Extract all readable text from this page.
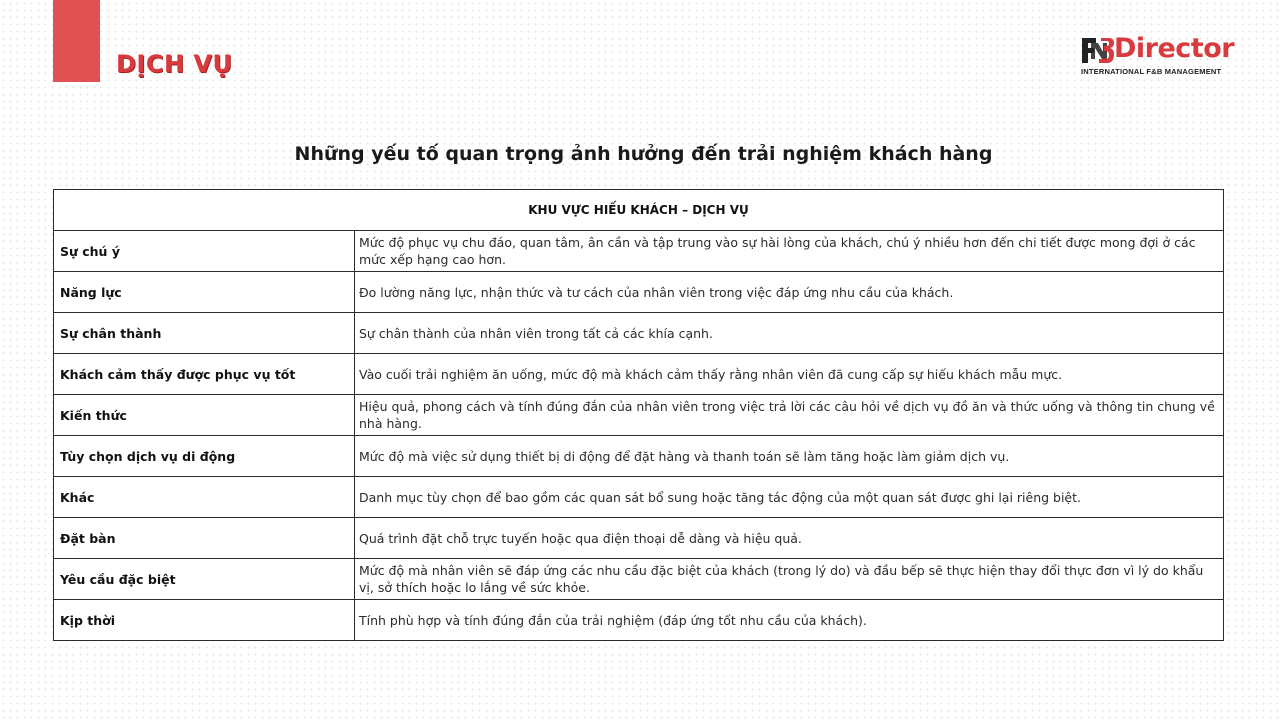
DỊCH VỤ	Director
INTERNATIONAL F&B MANAGEMENT
Những yếu tố quan trọng ảnh hưởng đến trải nghiệm khách hàng
KHU VỰC HIẾU KHÁCH – DỊCH VỤ	
Sự chú ý	Mức độ phục vụ chu đáo, quan tâm, ân cần và tập trung vào sự hài lòng của khách, chú ý nhiều hơn đến chi tiết được mong đợi ở các mức xếp hạng cao hơn.
Năng lực	Đo lường năng lực, nhận thức và tư cách của nhân viên trong việc đáp ứng nhu cầu của khách.
Sự chân thành	Sự chân thành của nhân viên trong tất cả các khía cạnh.
Khách cảm thấy được phục vụ tốt	Vào cuối trải nghiệm ăn uống, mức độ mà khách cảm thấy rằng nhân viên đã cung cấp sự hiếu khách mẫu mực.
Kiến thức	Hiệu quả, phong cách và tính đúng đắn của nhân viên trong việc trả lời các câu hỏi về dịch vụ đồ ăn và thức uống và thông tin chung về nhà hàng.
Tùy chọn dịch vụ di động	Mức độ mà việc sử dụng thiết bị di động để đặt hàng và thanh toán sẽ làm tăng hoặc làm giảm dịch vụ.
Khác	Danh mục tùy chọn để bao gồm các quan sát bổ sung hoặc tăng tác động của một quan sát được ghi lại riêng biệt.
Đặt bàn	Quá trình đặt chỗ trực tuyến hoặc qua điện thoại dễ dàng và hiệu quả.
Yêu cầu đặc biệt	Mức độ mà nhân viên sẽ đáp ứng các nhu cầu đặc biệt của khách (trong lý do) và đầu bếp sẽ thực hiện thay đổi thực đơn vì lý do khẩu vị, sở thích hoặc lo lắng về sức khỏe.
Kịp thời	Tính phù hợp và tính đúng đắn của trải nghiệm (đáp ứng tốt nhu cầu của khách).
